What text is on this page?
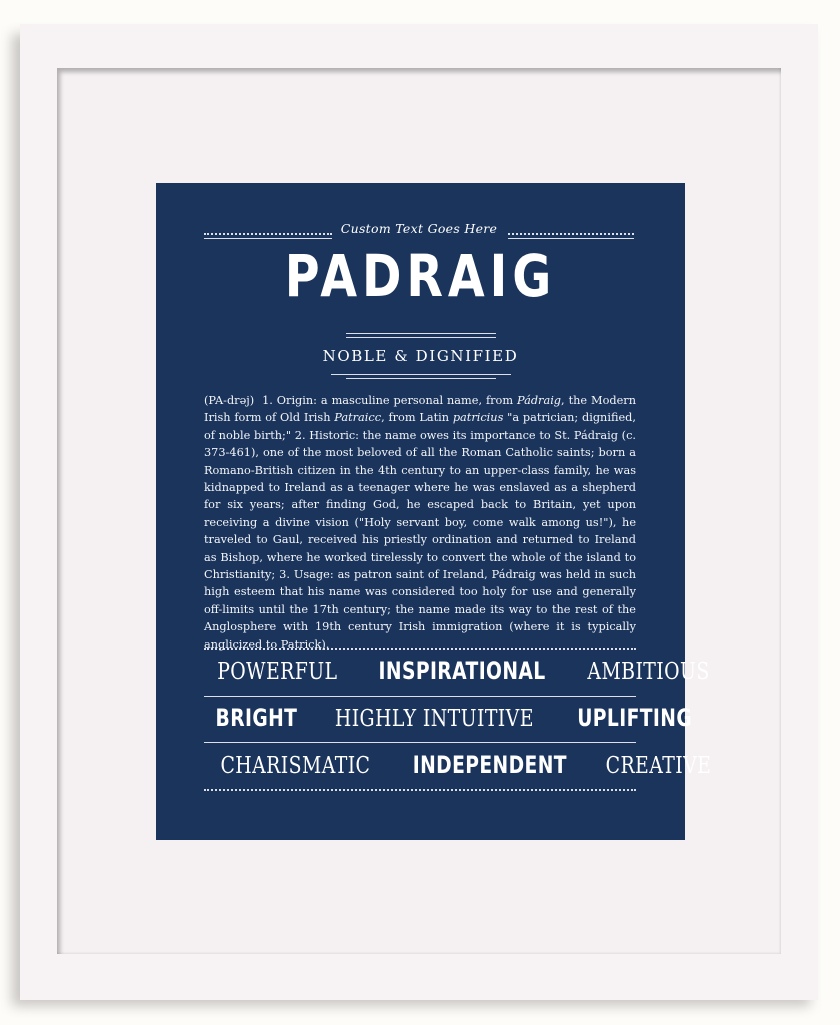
Custom Text Goes Here
PADRAIG
NOBLE & DIGNIFIED
(PA-drəj) 1. Origin: a masculine personal name, from Pádraig, the Modern Irish form of Old Irish Patraicc, from Latin patricius "a patrician; dignified, of noble birth;" 2. Historic: the name owes its importance to St. Pádraig (c. 373-461), one of the most beloved of all the Roman Catholic saints; born a Romano-British citizen in the 4th century to an upper-class family, he was kidnapped to Ireland as a teenager where he was enslaved as a shepherd for six years; after finding God, he escaped back to Britain, yet upon receiving a divine vision ("Holy servant boy, come walk among us!"), he traveled to Gaul, received his priestly ordination and returned to Ireland as Bishop, where he worked tirelessly to convert the whole of the island to Christianity; 3. Usage: as patron saint of Ireland, Pádraig was held in such high esteem that his name was considered too holy for use and generally off-limits until the 17th century; the name made its way to the rest of the Anglosphere with 19th century Irish immigration (where it is typically anglicized to Patrick).
POWERFUL INSPIRATIONAL AMBITIOUS
BRIGHT HIGHLY INTUITIVE UPLIFTING
CHARISMATIC INDEPENDENT CREATIVE
